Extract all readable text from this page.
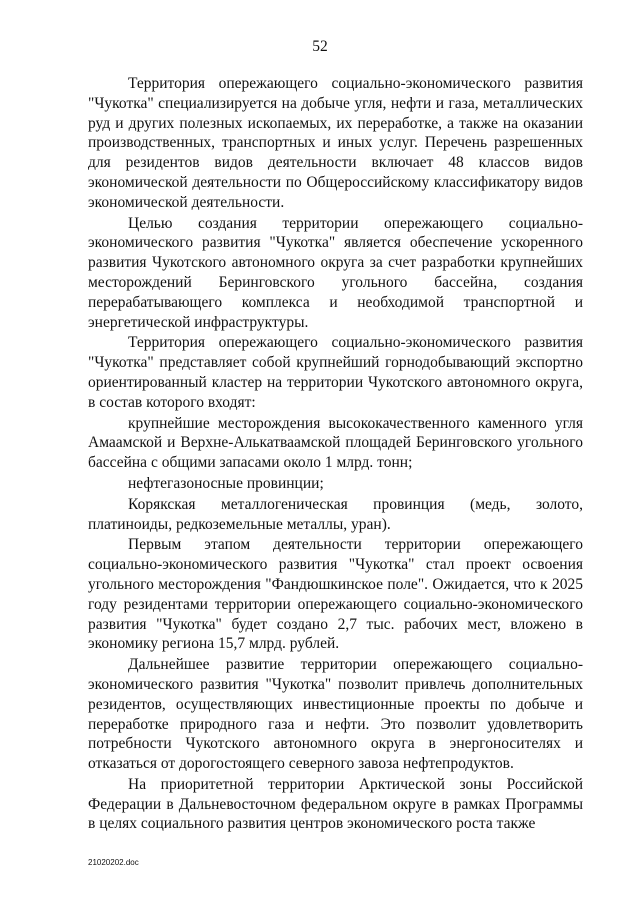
52

Территория опережающего социально-экономического развития "Чукотка" специализируется на добыче угля, нефти и газа, металлических руд и других полезных ископаемых, их переработке, а также на оказании производственных, транспортных и иных услуг. Перечень разрешенных для резидентов видов деятельности включает 48 классов видов экономической деятельности по Общероссийскому классификатору видов экономической деятельности.

Целью создания территории опережающего социально-экономического развития "Чукотка" является обеспечение ускоренного развития Чукотского автономного округа за счет разработки крупнейших месторождений Беринговского угольного бассейна, создания перерабатывающего комплекса и необходимой транспортной и энергетической инфраструктуры.

Территория опережающего социально-экономического развития "Чукотка" представляет собой крупнейший горнодобывающий экспортно ориентированный кластер на территории Чукотского автономного округа, в состав которого входят:

крупнейшие месторождения высококачественного каменного угля Амаамской и Верхне-Алькатваамской площадей Беринговского угольного бассейна с общими запасами около 1 млрд. тонн;

нефтегазоносные провинции;

Корякская металлогеническая провинция (медь, золото, платиноиды, редкоземельные металлы, уран).

Первым этапом деятельности территории опережающего социально-экономического развития "Чукотка" стал проект освоения угольного месторождения "Фандюшкинское поле". Ожидается, что к 2025 году резидентами территории опережающего социально-экономического развития "Чукотка" будет создано 2,7 тыс. рабочих мест, вложено в экономику региона 15,7 млрд. рублей.

Дальнейшее развитие территории опережающего социально-экономического развития "Чукотка" позволит привлечь дополнительных резидентов, осуществляющих инвестиционные проекты по добыче и переработке природного газа и нефти. Это позволит удовлетворить потребности Чукотского автономного округа в энергоносителях и отказаться от дорогостоящего северного завоза нефтепродуктов.

На приоритетной территории Арктической зоны Российской Федерации в Дальневосточном федеральном округе в рамках Программы в целях социального развития центров экономического роста также

21020202.doc
